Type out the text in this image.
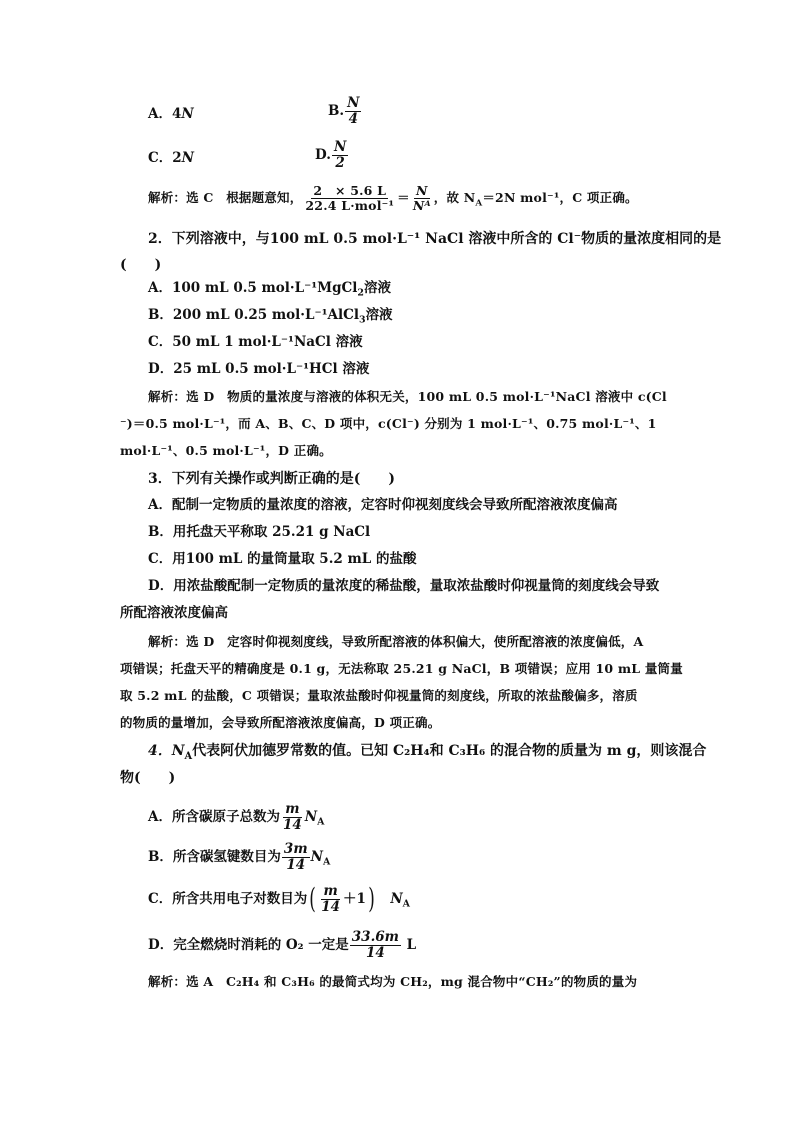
A．4N	B. $\frac{N}{4}$
C．2N	D. $\frac{N}{2}$
解析：选 C　根据题意知， $\frac{2 \times 5.6 L}{\text{22.4 L·mol⁻¹}} = \frac{N}{\text{Nᴬ}}$ ，故 $N_A=2N$ mol⁻¹，C 项正确。
2．下列溶液中，与100 mL 0.5 mol·L⁻¹ NaCl 溶液中所含的 Cl⁻物质的量浓度相同的是
(　　)
A．100 mL 0.5 mol·L⁻¹MgCl$_2$溶液
B．200 mL 0.25 mol·L⁻¹AlCl$_3$溶液
C．50 mL 1 mol·L⁻¹NaCl 溶液
D．25 mL 0.5 mol·L⁻¹HCl 溶液
解析：选 D　物质的量浓度与溶液的体积无关，100 mL 0.5 mol·L⁻¹NaCl 溶液中 c(Cl
⁻)＝0.5 mol·L⁻¹，而 A、B、C、D 项中，c(Cl⁻) 分别为 1 mol·L⁻¹、0.75 mol·L⁻¹、1
mol·L⁻¹、0.5 mol·L⁻¹，D 正确。
3．下列有关操作或判断正确的是(　　)
A．配制一定物质的量浓度的溶液，定容时仰视刻度线会导致所配溶液浓度偏高
B．用托盘天平称取 25.21 g NaCl
C．用100 mL 的量筒量取 5.2 mL 的盐酸
D．用浓盐酸配制一定物质的量浓度的稀盐酸，量取浓盐酸时仰视量筒的刻度线会导致
所配溶液浓度偏高
解析：选 D　定容时仰视刻度线，导致所配溶液的体积偏大，使所配溶液的浓度偏低，A
项错误；托盘天平的精确度是 0.1 g，无法称取 25.21 g NaCl，B 项错误；应用 10 mL 量筒量
取 5.2 mL 的盐酸，C 项错误；量取浓盐酸时仰视量筒的刻度线，所取的浓盐酸偏多，溶质
的物质的量增加，会导致所配溶液浓度偏高，D 项正确。
4．$N_A$代表阿伏加德罗常数的值。已知 C₂H₄和 C₃H₆ 的混合物的质量为 m g，则该混合
物(　　)
A．所含碳原子总数为 $\frac{m}{14} N_A$
B．所含碳氢键数目为 $\frac{3m}{14} N_A$
C．所含共用电子对数目为( $\frac{m}{14} +1$)  $N_A$
D．完全燃烧时消耗的 O₂ 一定是 $\frac{33.6m}{14}$ L
解析：选 A　C₂H₄ 和 C₃H₆ 的最简式均为 CH₂，mg 混合物中“CH₂”的物质的量为
